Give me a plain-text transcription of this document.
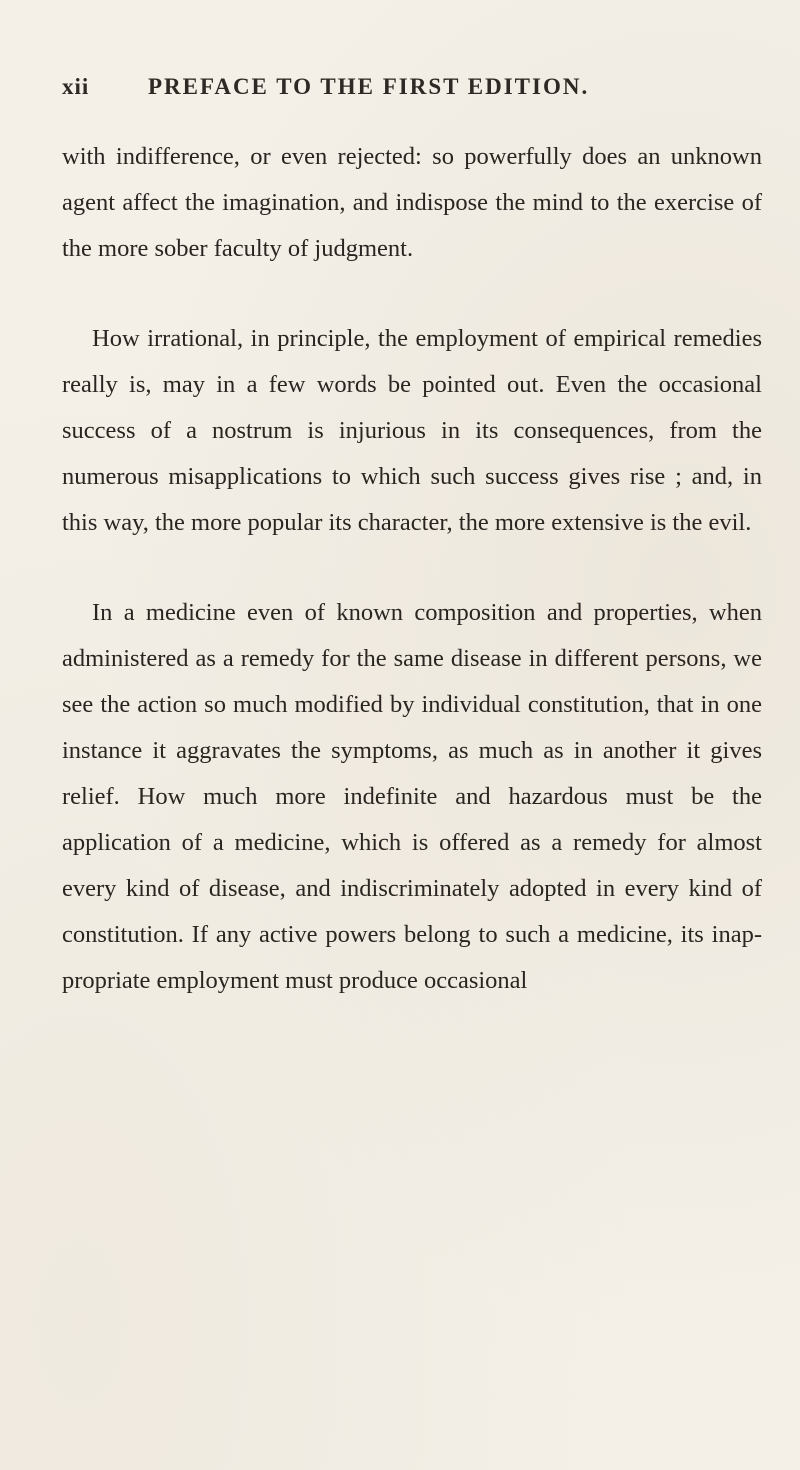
xii	PREFACE TO THE FIRST EDITION.

with indifference, or even rejected: so powerfully does an unknown agent affect the imagination, and indispose the mind to the exercise of the more sober faculty of judgment.

How irrational, in principle, the employment of empirical remedies really is, may in a few words be pointed out. Even the occasional success of a nostrum is injurious in its consequences, from the numerous misapplications to which such success gives rise ; and, in this way, the more popular its character, the more extensive is the evil.

In a medicine even of known composition and properties, when administered as a remedy for the same disease in different persons, we see the action so much modified by individual constitution, that in one instance it aggravates the symptoms, as much as in another it gives relief. How much more indefinite and hazardous must be the application of a medicine, which is offered as a remedy for almost every kind of disease, and indiscriminately adopted in every kind of constitution. If any active powers belong to such a medicine, its inap- propriate employment must produce occasional
